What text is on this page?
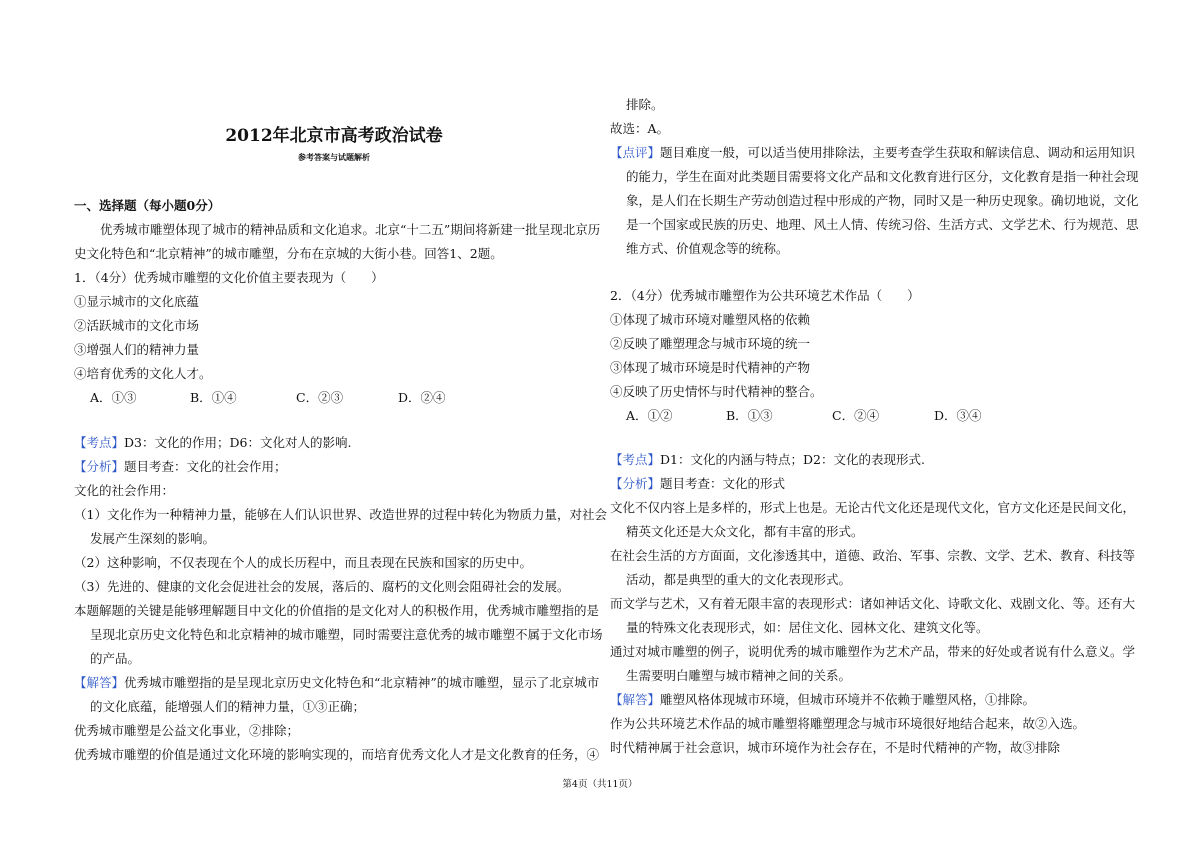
2012年北京市高考政治试卷
参考答案与试题解析
一、选择题（每小题0分）
优秀城市雕塑体现了城市的精神品质和文化追求。北京“十二五”期间将新建一批呈现北京历
史文化特色和“北京精神”的城市雕塑，分布在京城的大街小巷。回答1、2题。
1．（4分）优秀城市雕塑的文化价值主要表现为（　　）
①显示城市的文化底蕴
②活跃城市的文化市场
③增强人们的精神力量
④培育优秀的文化人才。
A．①③	B．①④	C．②③	D．②④
【考点】D3：文化的作用；D6：文化对人的影响.
【分析】题目考查：文化的社会作用；
文化的社会作用：
（1）文化作为一种精神力量，能够在人们认识世界、改造世界的过程中转化为物质力量，对社会
发展产生深刻的影响。
（2）这种影响，不仅表现在个人的成长历程中，而且表现在民族和国家的历史中。
（3）先进的、健康的文化会促进社会的发展，落后的、腐朽的文化则会阻碍社会的发展。
本题解题的关键是能够理解题目中文化的价值指的是文化对人的积极作用，优秀城市雕塑指的是
呈现北京历史文化特色和北京精神的城市雕塑，同时需要注意优秀的城市雕塑不属于文化市场
的产品。
【解答】优秀城市雕塑指的是呈现北京历史文化特色和“北京精神”的城市雕塑，显示了北京城市
的文化底蕴，能增强人们的精神力量，①③正确；
优秀城市雕塑是公益文化事业，②排除；
优秀城市雕塑的价值是通过文化环境的影响实现的，而培育优秀文化人才是文化教育的任务，④
排除。
故选：A。
【点评】题目难度一般，可以适当使用排除法，主要考查学生获取和解读信息、调动和运用知识
的能力，学生在面对此类题目需要将文化产品和文化教育进行区分，文化教育是指一种社会现
象，是人们在长期生产劳动创造过程中形成的产物，同时又是一种历史现象。确切地说，文化
是一个国家或民族的历史、地理、风土人情、传统习俗、生活方式、文学艺术、行为规范、思
维方式、价值观念等的统称。
2．（4分）优秀城市雕塑作为公共环境艺术作品（　　）
①体现了城市环境对雕塑风格的依赖
②反映了雕塑理念与城市环境的统一
③体现了城市环境是时代精神的产物
④反映了历史情怀与时代精神的整合。
A．①②	B．①③	C．②④	D．③④
【考点】D1：文化的内涵与特点；D2：文化的表现形式.
【分析】题目考查：文化的形式
文化不仅内容上是多样的，形式上也是。无论古代文化还是现代文化，官方文化还是民间文化，
精英文化还是大众文化，都有丰富的形式。
在社会生活的方方面面，文化渗透其中，道德、政治、军事、宗教、文学、艺术、教育、科技等
活动，都是典型的重大的文化表现形式。
而文学与艺术，又有着无限丰富的表现形式：诸如神话文化、诗歌文化、戏剧文化、等。还有大
量的特殊文化表现形式，如：居住文化、园林文化、建筑文化等。
通过对城市雕塑的例子，说明优秀的城市雕塑作为艺术产品，带来的好处或者说有什么意义。学
生需要明白雕塑与城市精神之间的关系。
【解答】雕塑风格体现城市环境，但城市环境并不依赖于雕塑风格，①排除。
作为公共环境艺术作品的城市雕塑将雕塑理念与城市环境很好地结合起来，故②入选。
时代精神属于社会意识，城市环境作为社会存在，不是时代精神的产物，故③排除
第4页（共11页）
